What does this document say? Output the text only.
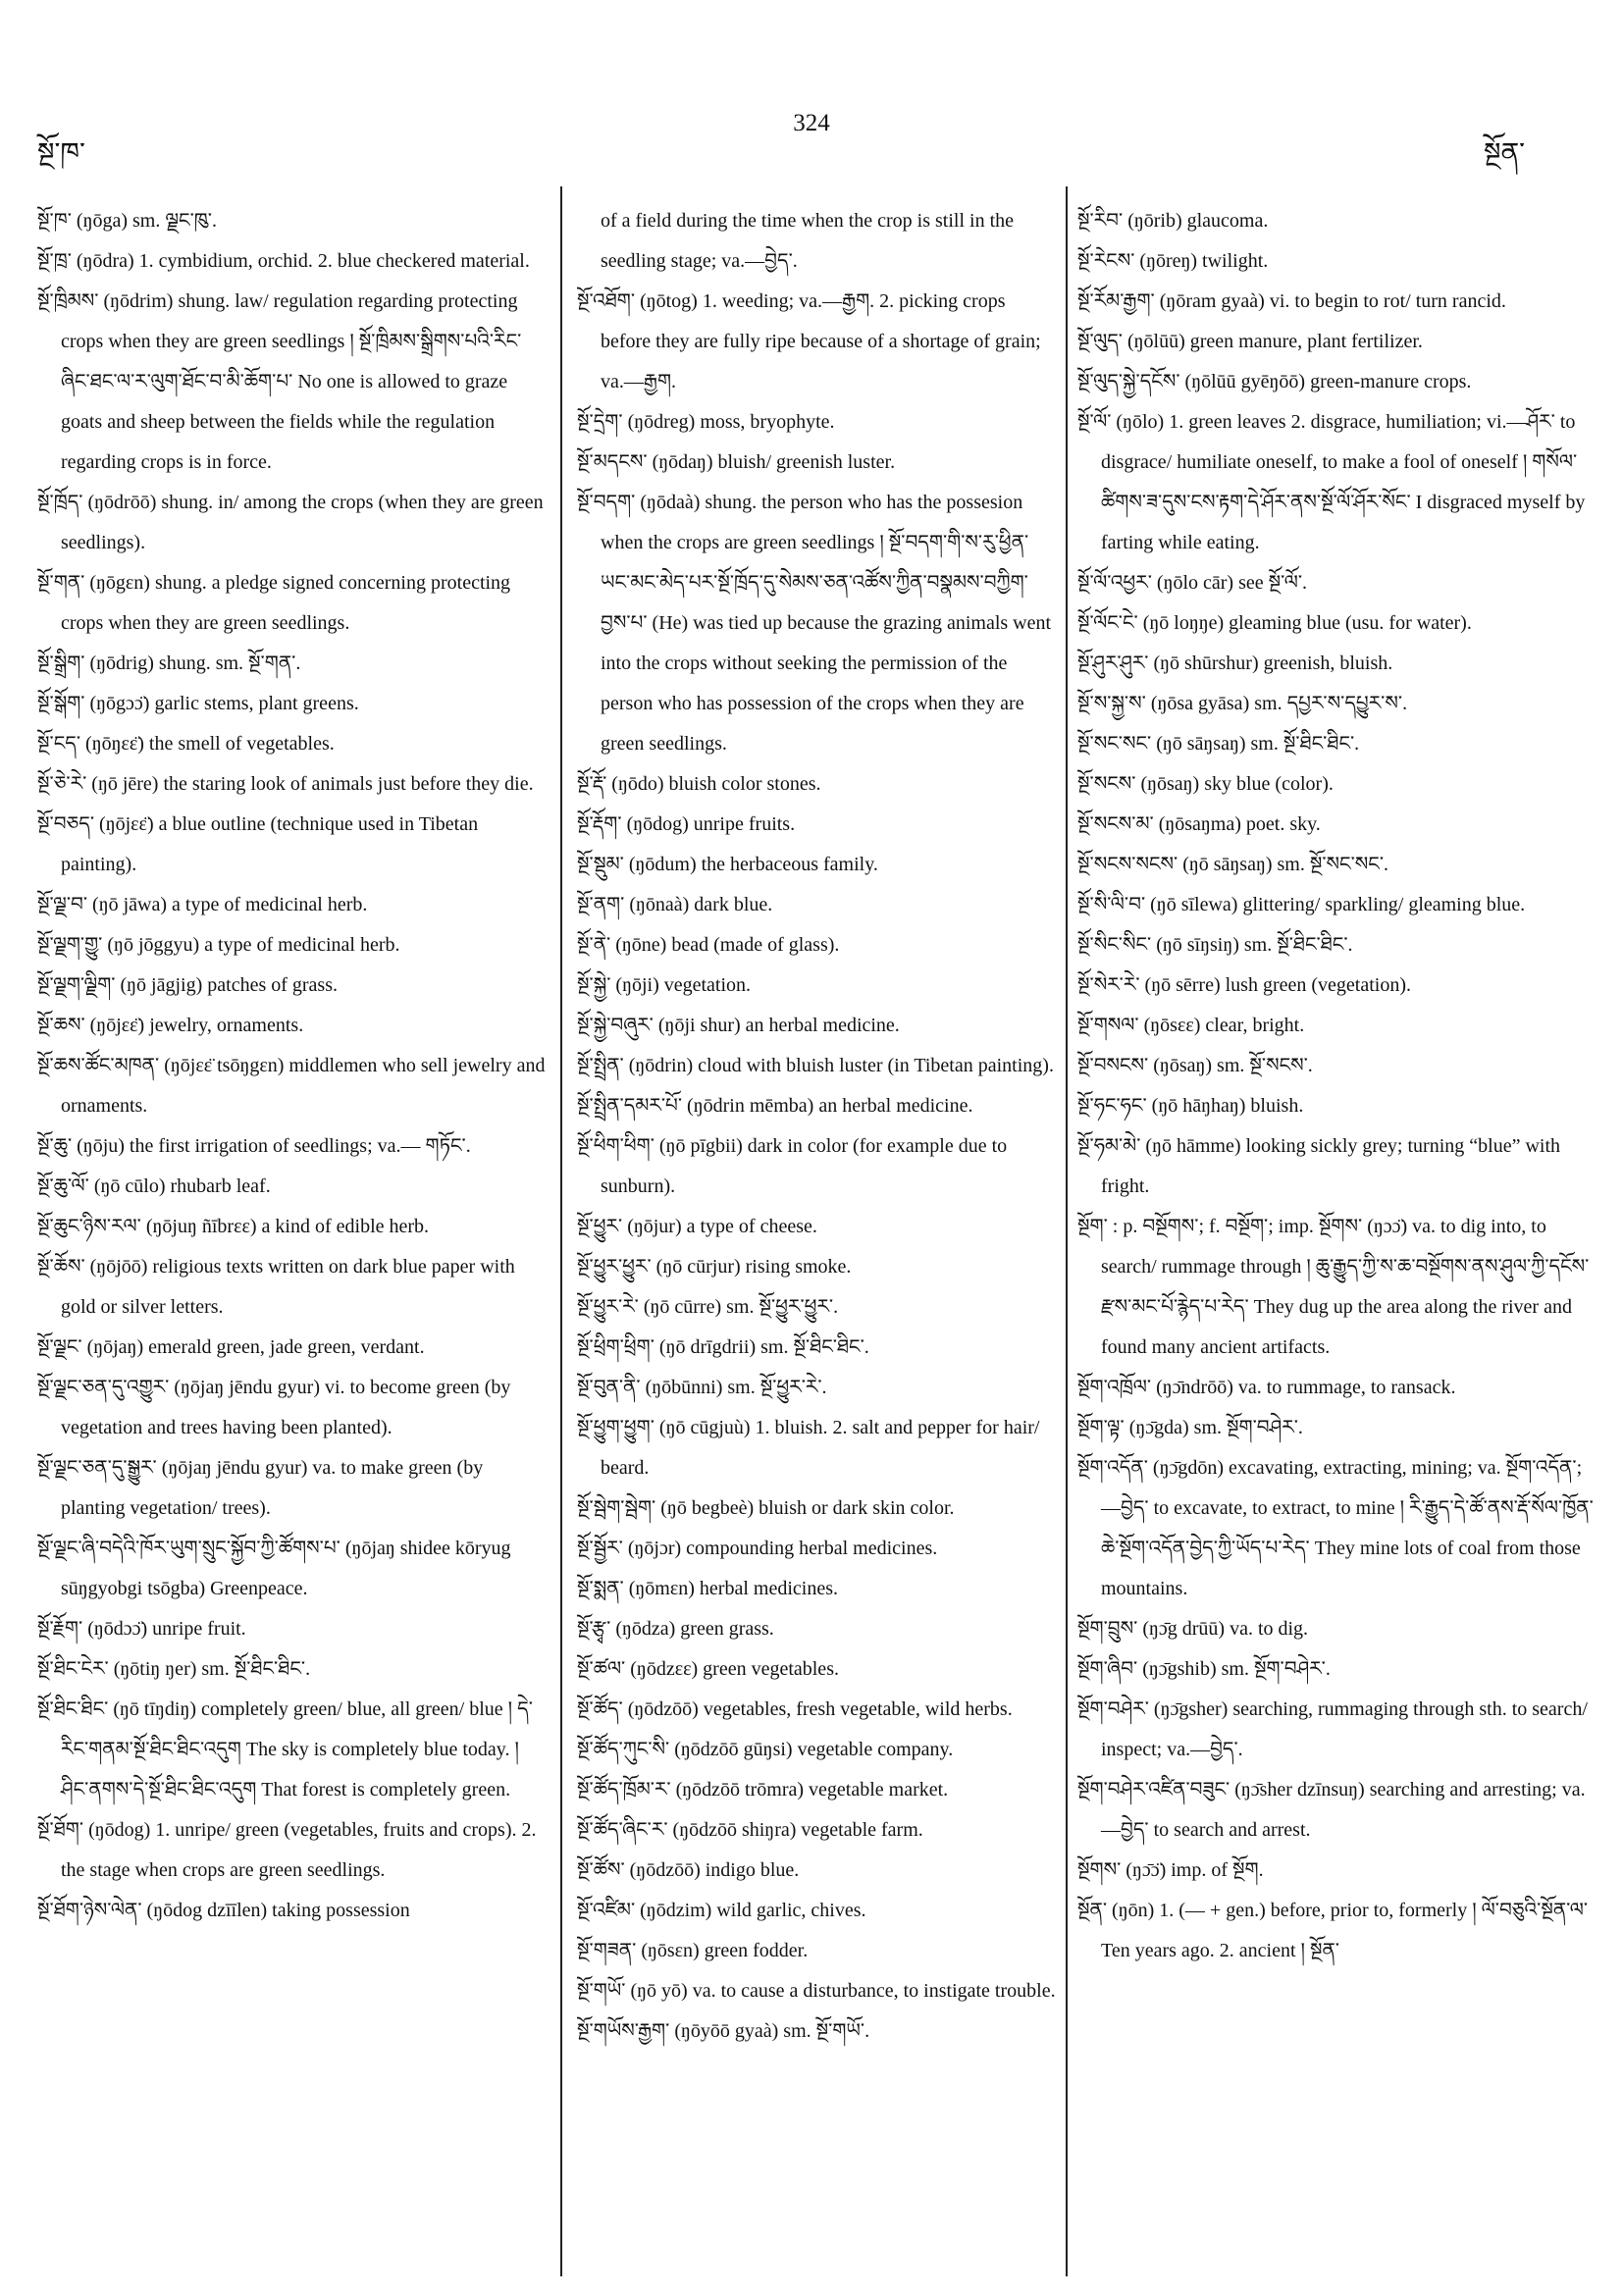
སྔོ་ཁ་
324
སྔོན་

སྔོ་ཁ་ (ŋōga) sm. ལྗང་ཁུ་.

སྔོ་ཁྲ་ (ŋōdra) 1. cymbidium, orchid. 2. blue checkered material.

སྔོ་ཁྲིམས་ (ŋōdrim) shung. law/ regulation regarding protecting crops when they are green seedlings ། སྔོ་ཁྲིམས་སྒྲིགས་པའི་རིང་ཞིང་ཐང་ལ་ར་ལུག་ཐོང་བ་མི་ཆོག་པ་ No one is allowed to graze goats and sheep between the fields while the regulation regarding crops is in force.

སྔོ་ཁྲོད་ (ŋōdrōō) shung. in/ among the crops (when they are green seedlings).

སྔོ་གན་ (ŋōgɛn) shung. a pledge signed concerning protecting crops when they are green seedlings.

སྔོ་སྒྲིག་ (ŋōdrig) shung. sm. སྔོ་གན་.

སྔོ་སྒོག་ (ŋōgɔɔ̈) garlic stems, plant greens.

སྔོ་ངད་ (ŋōŋɛɛ̈) the smell of vegetables.

སྔོ་ཅེ་རེ་ (ŋō jēre) the staring look of animals just before they die.

སྔོ་བཅད་ (ŋōjɛɛ̈) a blue outline (technique used in Tibetan painting).

སྔོ་ལྗ་བ་ (ŋō jāwa) a type of medicinal herb.

སྔོ་ལྗག་གྱུ་ (ŋō jōggyu) a type of medicinal herb.

སྔོ་ལྗག་ལྗིག་ (ŋō jāgjig) patches of grass.

སྔོ་ཆས་ (ŋōjɛɛ̈) jewelry, ornaments.

སྔོ་ཆས་ཚོང་མཁན་ (ŋōjɛɛ̈ tsōŋgɛn) middlemen who sell jewelry and ornaments.

སྔོ་ཆུ་ (ŋōju) the first irrigation of seedlings; va.— གཏོང་.

སྔོ་ཆུ་ལོ་ (ŋō cūlo) rhubarb leaf.

སྔོ་ཆུང་ཉིས་རལ་ (ŋōjuŋ ñībrɛɛ) a kind of edible herb.

སྔོ་ཆོས་ (ŋōjōō) religious texts written on dark blue paper with gold or silver letters.

སྔོ་ལྗང་ (ŋōjaŋ) emerald green, jade green, verdant.

སྔོ་ལྗང་ཅན་དུ་འགྱུར་ (ŋōjaŋ jēndu gyur) vi. to become green (by vegetation and trees having been planted).

སྔོ་ལྗང་ཅན་དུ་སྒྱུར་ (ŋōjaŋ jēndu gyur) va. to make green (by planting vegetation/ trees).

སྔོ་ལྗང་ཞི་བདེའི་ཁོར་ཡུག་སྲུང་སྐྱོབ་ཀྱི་ཚོགས་པ་ (ŋōjaŋ shidee kōryug sūŋgyobgi tsōgba) Greenpeace.

སྔོ་རྗོག་ (ŋōdɔɔ̈) unripe fruit.

སྔོ་ཐིང་ངེར་ (ŋōtiŋ ŋer) sm. སྔོ་ཐིང་ཐིང་.

སྔོ་ཐིང་ཐིང་ (ŋō tīŋdiŋ) completely green/ blue, all green/ blue ། དེ་རིང་གནམ་སྔོ་ཐིང་ཐིང་འདུག The sky is completely blue today. ། ཤིང་ནགས་དེ་སྔོ་ཐིང་ཐིང་འདུག That forest is completely green.

སྔོ་ཐོག་ (ŋōdog) 1. unripe/ green (vegetables, fruits and crops). 2. the stage when crops are green seedlings.

སྔོ་ཐོག་ཉེས་ལེན་ (ŋōdog dzīīlen) taking possession

of a field during the time when the crop is still in the seedling stage; va.—བྱེད་.

སྔོ་འཐོག་ (ŋōtog) 1. weeding; va.—རྒྱག. 2. picking crops before they are fully ripe because of a shortage of grain; va.—རྒྱག.

སྔོ་དྲེག་ (ŋōdreg) moss, bryophyte.

སྔོ་མདངས་ (ŋōdaŋ) bluish/ greenish luster.

སྔོ་བདག་ (ŋōdaà) shung. the person who has the possesion when the crops are green seedlings ། སྔོ་བདག་གི་ས་རུ་ཕྱིན་ཡང་མང་མེད་པར་སྔོ་ཁྲོད་དུ་སེམས་ཅན་འཚོས་ཀྱིན་བསྣམས་བཀྱིག་བྱས་པ་ (He) was tied up because the grazing animals went into the crops without seeking the permission of the person who has possession of the crops when they are green seedlings.

སྔོ་རྡོ་ (ŋōdo) bluish color stones.

སྔོ་རྡོག་ (ŋōdog) unripe fruits.

སྔོ་སྡུམ་ (ŋōdum) the herbaceous family.

སྔོ་ནག་ (ŋōnaà) dark blue.

སྔོ་ནེ་ (ŋōne) bead (made of glass).

སྔོ་སྐྱེ་ (ŋōji) vegetation.

སྔོ་སྐྱེ་བཞུར་ (ŋōji shur) an herbal medicine.

སྔོ་སྤྲིན་ (ŋōdrin) cloud with bluish luster (in Tibetan painting).

སྔོ་སྤྲིན་དམར་པོ་ (ŋōdrin mēmba) an herbal medicine.

སྔོ་ཕིག་ཕིག་ (ŋō pīgbii) dark in color (for example due to sunburn).

སྔོ་ཕྱུར་ (ŋōjur) a type of cheese.

སྔོ་ཕྱུར་ཕྱུར་ (ŋō cūrjur) rising smoke.

སྔོ་ཕྱུར་རེ་ (ŋō cūrre) sm. སྔོ་ཕྱུར་ཕྱུར་.

སྔོ་ཕྲིག་ཕྲིག་ (ŋō drīgdrii) sm. སྔོ་ཐིང་ཐིང་.

སྔོ་བུན་ནི་ (ŋōbūnni) sm. སྔོ་ཕྱུར་རེ་.

སྔོ་ཕྱུག་ཕྱུག་ (ŋō cūgjuù) 1. bluish. 2. salt and pepper for hair/ beard.

སྔོ་སྦེག་སྦེག་ (ŋō begbeè) bluish or dark skin color.

སྔོ་སྦྱོར་ (ŋōjɔr) compounding herbal medicines.

སྔོ་སྨན་ (ŋōmɛn) herbal medicines.

སྔོ་རྩྭ་ (ŋōdza) green grass.

སྔོ་ཚལ་ (ŋōdzɛɛ) green vegetables.

སྔོ་ཚོད་ (ŋōdzōō) vegetables, fresh vegetable, wild herbs.

སྔོ་ཚོད་ཀུང་སི་ (ŋōdzōō gūŋsi) vegetable company.

སྔོ་ཚོད་ཁྲོམ་ར་ (ŋōdzōō trōmra) vegetable market.

སྔོ་ཚོད་ཞིང་ར་ (ŋōdzōō shiŋra) vegetable farm.

སྔོ་ཚོས་ (ŋōdzōō) indigo blue.

སྔོ་འཛིམ་ (ŋōdzim) wild garlic, chives.

སྔོ་གཟན་ (ŋōsɛn) green fodder.

སྔོ་གཡོ་ (ŋō yō) va. to cause a disturbance, to instigate trouble.

སྔོ་གཡོས་རྒྱག་ (ŋōyōō gyaà) sm. སྔོ་གཡོ་.

སྔོ་རིབ་ (ŋōrib) glaucoma.

སྔོ་རེངས་ (ŋōreŋ) twilight.

སྔོ་རོམ་རྒྱག་ (ŋōram gyaà) vi. to begin to rot/ turn rancid.

སྔོ་ལུད་ (ŋōlūū) green manure, plant fertilizer.

སྔོ་ལུད་སྐྱེ་དངོས་ (ŋōlūū gyēŋōō) green-manure crops.

སྔོ་ལོ་ (ŋōlo) 1. green leaves 2. disgrace, humiliation; vi.—ཤོར་ to disgrace/ humiliate oneself, to make a fool of oneself ། གསོལ་ཚིགས་ཟ་དུས་ངས་རྟག་དེ་ཤོར་ནས་སྔོ་ལོ་ཤོར་སོང་ I disgraced myself by farting while eating.

སྔོ་ལོ་འཕྱར་ (ŋōlo cār) see སྔོ་ལོ་.

སྔོ་ལོང་ངེ་ (ŋō loŋŋe) gleaming blue (usu. for water).

སྔོ་ཤུར་ཤུར་ (ŋō shūrshur) greenish, bluish.

སྔོ་ས་སྐྱ་ས་ (ŋōsa gyāsa) sm. དཔྱར་ས་དཔྱུར་ས་.

སྔོ་སང་སང་ (ŋō sāŋsaŋ) sm. སྔོ་ཐིང་ཐིང་.

སྔོ་སངས་ (ŋōsaŋ) sky blue (color).

སྔོ་སངས་མ་ (ŋōsaŋma) poet. sky.

སྔོ་སངས་སངས་ (ŋō sāŋsaŋ) sm. སྔོ་སང་སང་.

སྔོ་སི་ལི་བ་ (ŋō sīlewa) glittering/ sparkling/ gleaming blue.

སྔོ་སིང་སིང་ (ŋō sīŋsiŋ) sm. སྔོ་ཐིང་ཐིང་.

སྔོ་སེར་རེ་ (ŋō sērre) lush green (vegetation).

སྔོ་གསལ་ (ŋōsɛɛ) clear, bright.

སྔོ་བསངས་ (ŋōsaŋ) sm. སྔོ་སངས་.

སྔོ་ཧང་ཧང་ (ŋō hāŋhaŋ) bluish.

སྔོ་ཧམ་མེ་ (ŋō hāmme) looking sickly grey; turning “blue” with fright.

སྔོག་ : p. བསྔོགས་; f. བསྔོག་; imp. སྔོགས་ (ŋɔɔ̈) va. to dig into, to search/ rummage through ། ཆུ་རྒྱུད་ཀྱི་ས་ཆ་བསྔོགས་ནས་ཤུལ་ཀྱི་དངོས་རྫས་མང་པོ་རྙེད་པ་རེད་ They dug up the area along the river and found many ancient artifacts.

སྔོག་འཁྲོལ་ (ŋɔ̄ndrōō) va. to rummage, to ransack.

སྔོག་ལྟ་ (ŋɔ̄gda) sm. སྔོག་བཤེར་.

སྔོག་འདོན་ (ŋɔ̄gdōn) excavating, extracting, mining; va. སྔོག་འདོན་; —བྱེད་ to excavate, to extract, to mine ། རི་རྒྱུད་དེ་ཚོ་ནས་རྡོ་སོལ་ཁྱོན་ཆེ་སྔོག་འདོན་བྱེད་ཀྱི་ཡོད་པ་རེད་ They mine lots of coal from those mountains.

སྔོག་བྲུས་ (ŋɔ̄g drūū) va. to dig.

སྔོག་ཞིབ་ (ŋɔ̄gshib) sm. སྔོག་བཤེར་.

སྔོག་བཤེར་ (ŋɔ̄gsher) searching, rummaging through sth. to search/ inspect; va.—བྱེད་.

སྔོག་བཤེར་འཛིན་བཟུང་ (ŋɔ̄sher dzīnsuŋ) searching and arresting; va.—བྱེད་ to search and arrest.

སྔོགས་ (ŋɔ̄ɔ̈) imp. of སྔོག.

སྔོན་ (ŋōn) 1. (— + gen.) before, prior to, formerly ། ལོ་བཅུའི་སྔོན་ལ་ Ten years ago. 2. ancient ། སྔོན་
